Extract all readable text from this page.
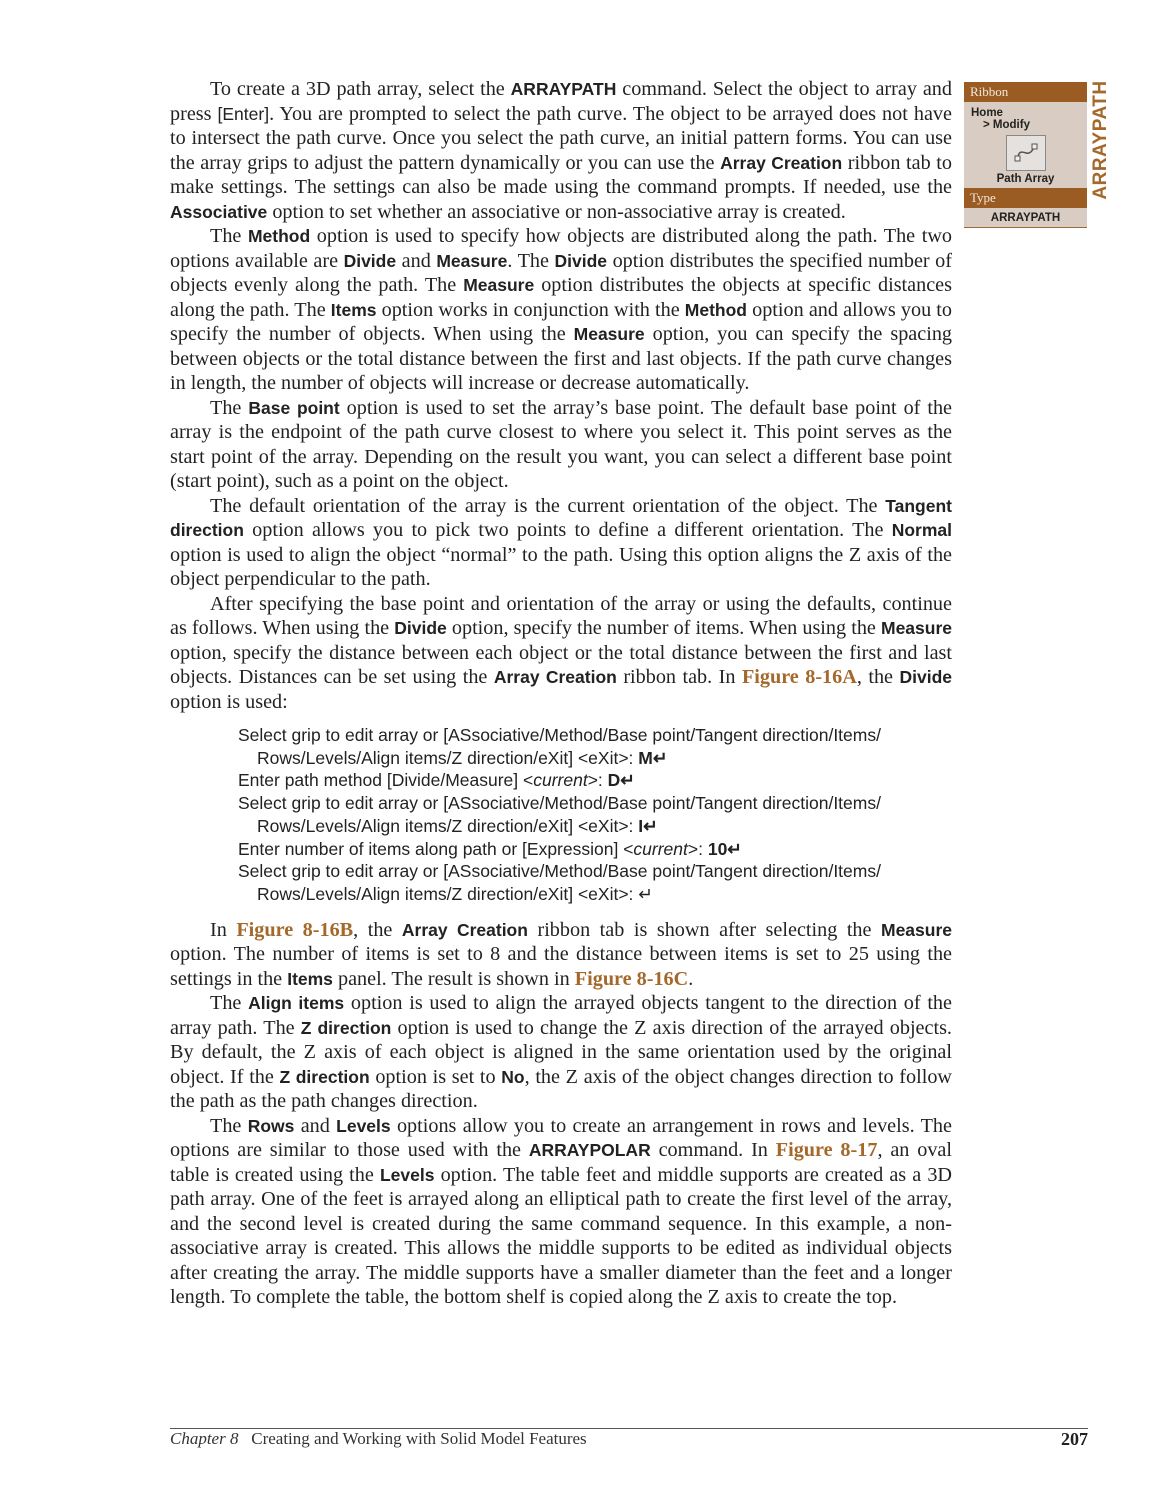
To create a 3D path array, select the ARRAYPATH command. Select the object to array and press [Enter]. You are prompted to select the path curve. The object to be arrayed does not have to intersect the path curve. Once you select the path curve, an initial pattern forms. You can use the array grips to adjust the pattern dynamically or you can use the Array Creation ribbon tab to make settings. The settings can also be made using the command prompts. If needed, use the Associative option to set whether an associative or non-associative array is created.

The Method option is used to specify how objects are distributed along the path. The two options available are Divide and Measure. The Divide option distributes the specified number of objects evenly along the path. The Measure option distributes the objects at specific distances along the path. The Items option works in conjunction with the Method option and allows you to specify the number of objects. When using the Measure option, you can specify the spacing between objects or the total distance between the first and last objects. If the path curve changes in length, the number of objects will increase or decrease automatically.

The Base point option is used to set the array’s base point. The default base point of the array is the endpoint of the path curve closest to where you select it. This point serves as the start point of the array. Depending on the result you want, you can select a different base point (start point), such as a point on the object.

The default orientation of the array is the current orientation of the object. The Tangent direction option allows you to pick two points to define a different orientation. The Normal option is used to align the object “normal” to the path. Using this option aligns the Z axis of the object perpendicular to the path.

After specifying the base point and orientation of the array or using the defaults, continue as follows. When using the Divide option, specify the number of items. When using the Measure option, specify the distance between each object or the total distance between the first and last objects. Distances can be set using the Array Creation ribbon tab. In Figure 8-16A, the Divide option is used:

Select grip to edit array or [ASsociative/Method/Base point/Tangent direction/Items/ Rows/Levels/Align items/Z direction/eXit] <eXit>: M↵
Enter path method [Divide/Measure] <current>: D↵
Select grip to edit array or [ASsociative/Method/Base point/Tangent direction/Items/ Rows/Levels/Align items/Z direction/eXit] <eXit>: I↵
Enter number of items along path or [Expression] <current>: 10↵
Select grip to edit array or [ASsociative/Method/Base point/Tangent direction/Items/ Rows/Levels/Align items/Z direction/eXit] <eXit>: ↵

In Figure 8-16B, the Array Creation ribbon tab is shown after selecting the Measure option. The number of items is set to 8 and the distance between items is set to 25 using the settings in the Items panel. The result is shown in Figure 8-16C.

The Align items option is used to align the arrayed objects tangent to the direction of the array path. The Z direction option is used to change the Z axis direction of the arrayed objects. By default, the Z axis of each object is aligned in the same orientation used by the original object. If the Z direction option is set to No, the Z axis of the object changes direction to follow the path as the path changes direction.

The Rows and Levels options allow you to create an arrangement in rows and levels. The options are similar to those used with the ARRAYPOLAR command. In Figure 8-17, an oval table is created using the Levels option. The table feet and middle supports are created as a 3D path array. One of the feet is arrayed along an elliptical path to create the first level of the array, and the second level is created during the same command sequence. In this example, a non-associative array is created. This allows the middle supports to be edited as individual objects after creating the array. The middle supports have a smaller diameter than the feet and a longer length. To complete the table, the bottom shelf is copied along the Z axis to create the top.

Ribbon
Home
> Modify
Path Array
Type
ARRAYPATH
ARRAYPATH
Chapter 8 Creating and Working with Solid Model Features	207
